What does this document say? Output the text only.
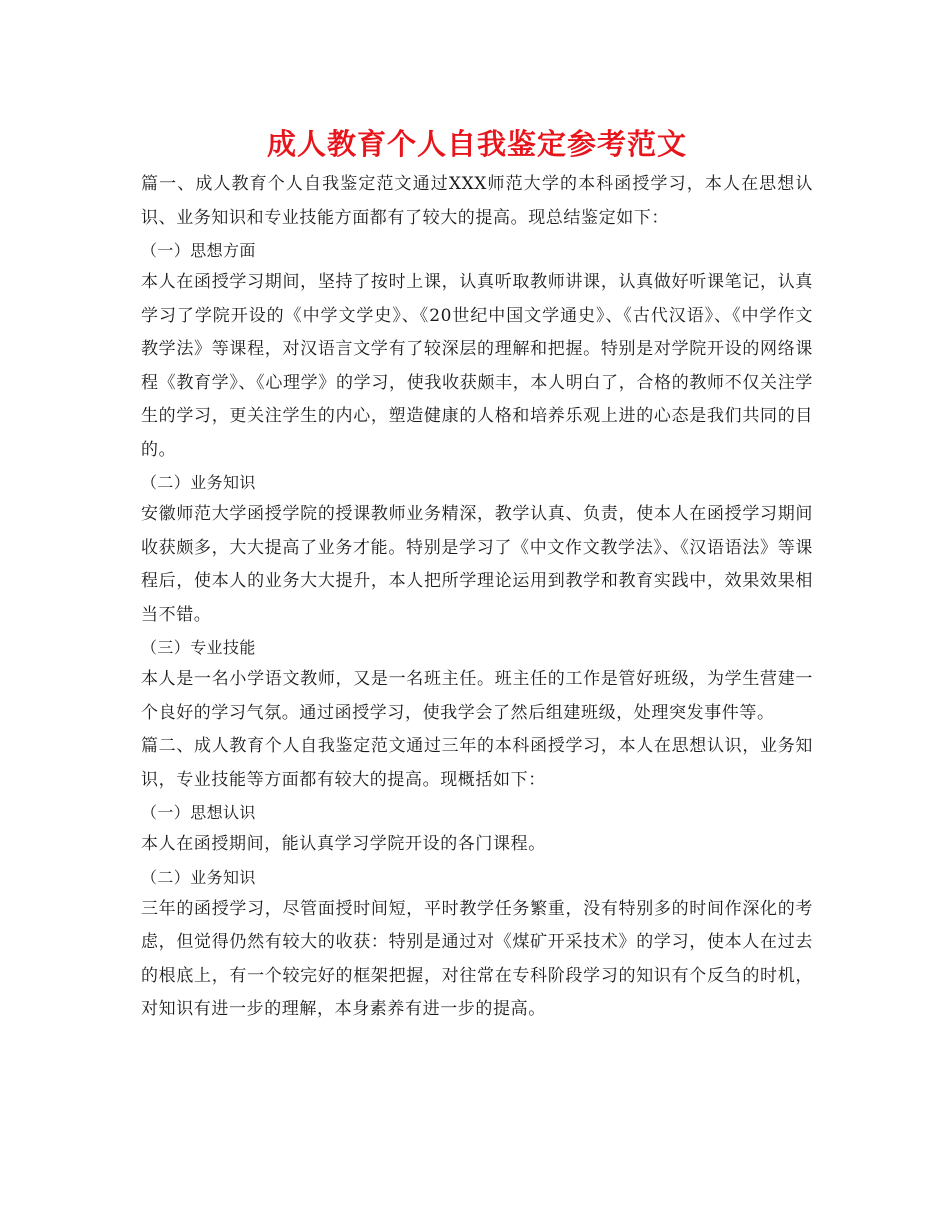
成人教育个人自我鉴定参考范文

篇一、成人教育个人自我鉴定范文通过XXX师范大学的本科函授学习，本人在思想认识、业务知识和专业技能方面都有了较大的提高。现总结鉴定如下：

（一）思想方面

本人在函授学习期间，坚持了按时上课，认真听取教师讲课，认真做好听课笔记，认真学习了学院开设的《中学文学史》、《20世纪中国文学通史》、《古代汉语》、《中学作文教学法》等课程，对汉语言文学有了较深层的理解和把握。特别是对学院开设的网络课程《教育学》、《心理学》的学习，使我收获颇丰，本人明白了，合格的教师不仅关注学生的学习，更关注学生的内心，塑造健康的人格和培养乐观上进的心态是我们共同的目的。

（二）业务知识

安徽师范大学函授学院的授课教师业务精深，教学认真、负责，使本人在函授学习期间收获颇多，大大提高了业务才能。特别是学习了《中文作文教学法》、《汉语语法》等课程后，使本人的业务大大提升，本人把所学理论运用到教学和教育实践中，效果效果相当不错。

（三）专业技能

本人是一名小学语文教师，又是一名班主任。班主任的工作是管好班级，为学生营建一个良好的学习气氛。通过函授学习，使我学会了然后组建班级，处理突发事件等。

篇二、成人教育个人自我鉴定范文通过三年的本科函授学习，本人在思想认识，业务知识，专业技能等方面都有较大的提高。现概括如下：

（一）思想认识

本人在函授期间，能认真学习学院开设的各门课程。

（二）业务知识

三年的函授学习，尽管面授时间短，平时教学任务繁重，没有特别多的时间作深化的考虑，但觉得仍然有较大的收获：特别是通过对《煤矿开采技术》的学习，使本人在过去的根底上，有一个较完好的框架把握，对往常在专科阶段学习的知识有个反刍的时机，对知识有进一步的理解，本身素养有进一步的提高。
